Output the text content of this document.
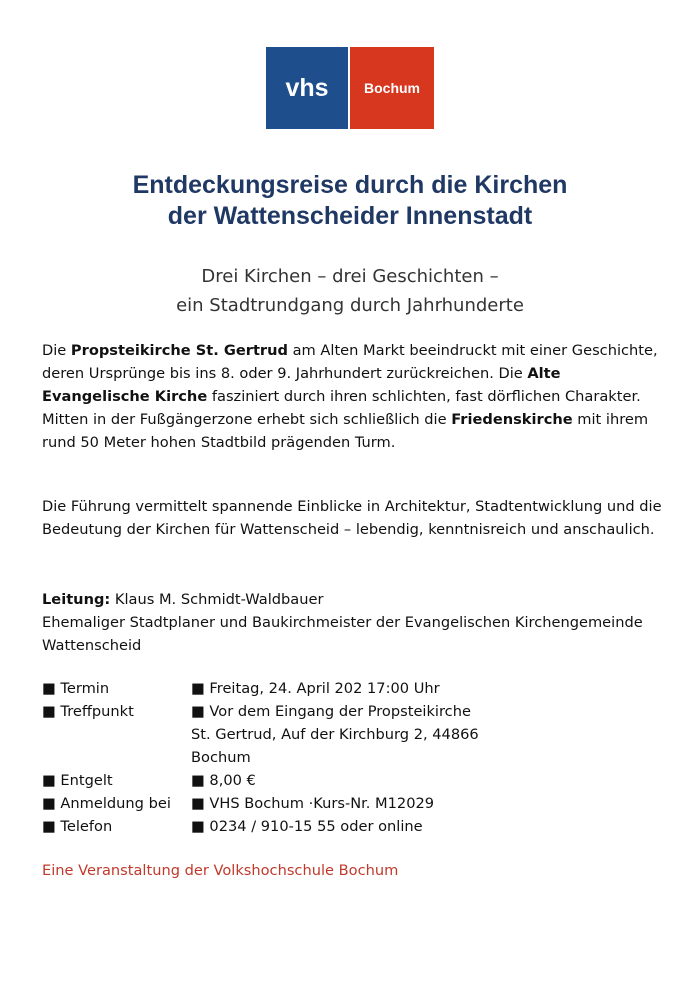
vhs	Bochum
Entdeckungsreise durch die Kirchen
der Wattenscheider Innenstadt
Drei Kirchen – drei Geschichten –
ein Stadtrundgang durch Jahrhunderte
Die Propsteikirche St. Gertrud am Alten Markt beeindruckt mit einer Geschichte, deren Ursprünge bis ins 8. oder 9. Jahrhundert zurückreichen. Die Alte Evangelische Kirche fasziniert durch ihren schlichten, fast dörflichen Charakter. Mitten in der Fußgängerzone erhebt sich schließlich die Friedenskirche mit ihrem rund 50 Meter hohen Stadtbild prägenden Turm.
Die Führung vermittelt spannende Einblicke in Architektur, Stadtentwicklung und die Bedeutung der Kirchen für Wattenscheid – lebendig, kenntnisreich und anschaulich.
Leitung: Klaus M. Schmidt-Waldbauer
Ehemaliger Stadtplaner und Baukirchmeister der Evangelischen Kirchengemeinde Wattenscheid
■ Termin	■ Freitag, 24. April 202 17:00 Uhr
■ Treffpunkt	■ Vor dem Eingang der Propsteikirche St. Gertrud, Auf der Kirchburg 2, 44866 Bochum
■ Entgelt	■ 8,00 €
■ Anmeldung bei	■ VHS Bochum ·Kurs-Nr. M12029
■ Telefon	■ 0234 / 910-15 55 oder online
Eine Veranstaltung der Volkshochschule Bochum
